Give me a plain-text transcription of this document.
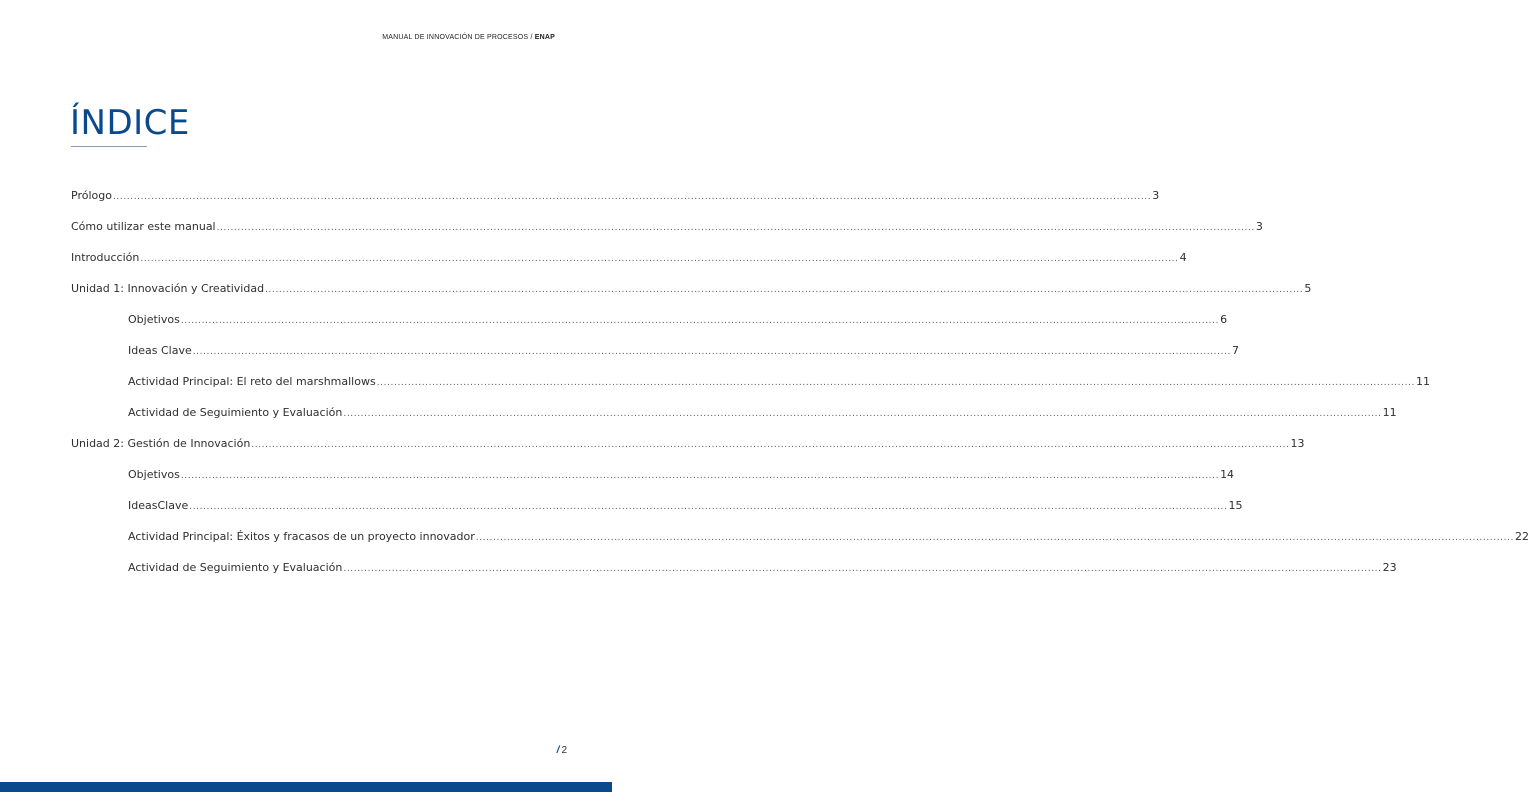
MANUAL DE INNOVACIÓN DE PROCESOS / ENAP
ÍNDICE
Prólogo ............................................................................................................................................................................................................................................................................................................ 3
Cómo utilizar este manual ............................................................................................................................................................................................................................................................................................................ 3
Introducción ............................................................................................................................................................................................................................................................................................................ 4
Unidad 1: Innovación y Creatividad ............................................................................................................................................................................................................................................................................................................ 5
Objetivos ............................................................................................................................................................................................................................................................................................................ 6
Ideas Clave ............................................................................................................................................................................................................................................................................................................ 7
Actividad Principal: El reto del marshmallows ............................................................................................................................................................................................................................................................................................................ 11
Actividad de Seguimiento y Evaluación ............................................................................................................................................................................................................................................................................................................ 11
Unidad 2: Gestión de Innovación ............................................................................................................................................................................................................................................................................................................ 13
Objetivos ............................................................................................................................................................................................................................................................................................................ 14
IdeasClave ............................................................................................................................................................................................................................................................................................................ 15
Actividad Principal: Éxitos y fracasos de un proyecto innovador ............................................................................................................................................................................................................................................................................................................ 22
Actividad de Seguimiento y Evaluación ............................................................................................................................................................................................................................................................................................................ 23
/ 2
